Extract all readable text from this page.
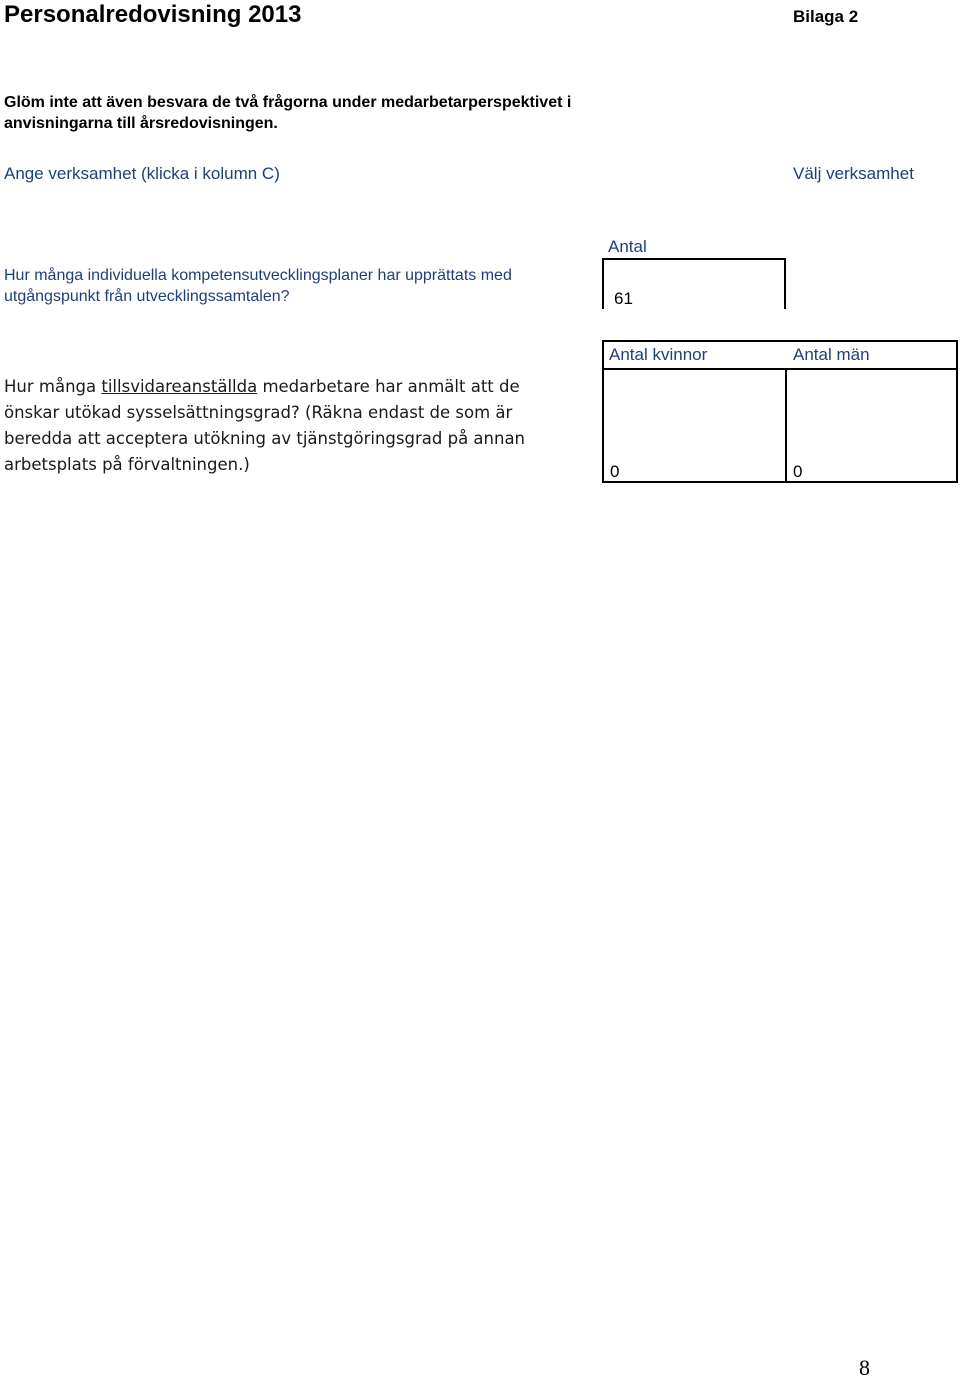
Personalredovisning 2013	Bilaga 2
Glöm inte att även besvara de två frågorna under medarbetarperspektivet i anvisningarna till årsredovisningen.
Ange verksamhet (klicka i kolumn C)	Välj verksamhet
Hur många individuella kompetensutvecklingsplaner har upprättats med utgångspunkt från utvecklingssamtalen?
Antal
61
Hur många tillsvidareanställda medarbetare har anmält att de önskar utökad sysselsättningsgrad? (Räkna endast de som är beredda att acceptera utökning av tjänstgöringsgrad på annan arbetsplats på förvaltningen.)
Antal kvinnor	Antal män
0	0
8
